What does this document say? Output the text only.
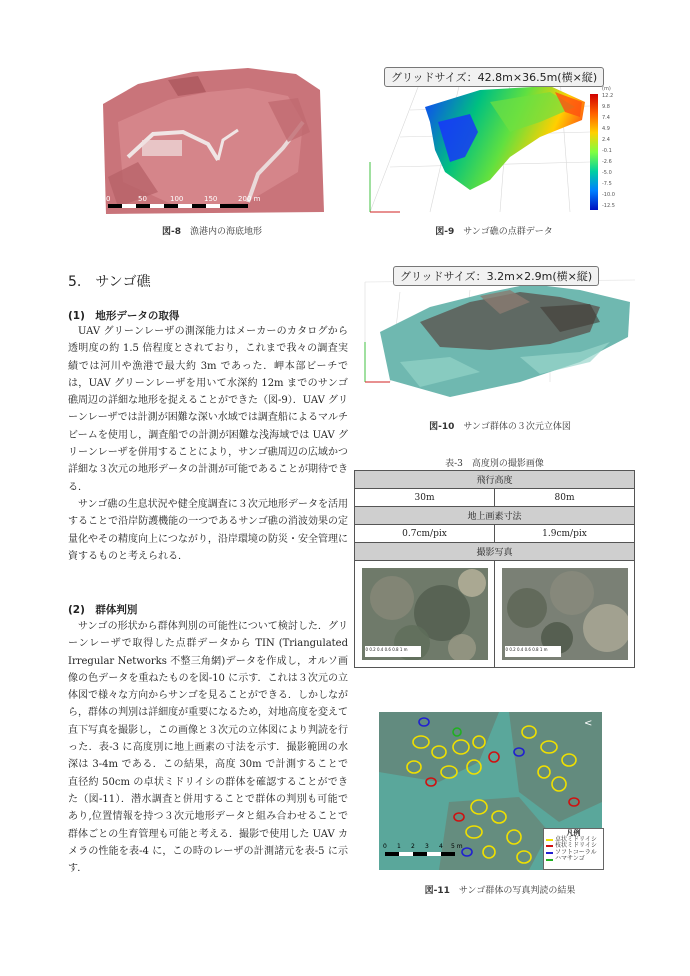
<
0	50	100	150	200 m
図-8　 漁港内の海底地形
グリッドサイズ：42.8m×36.5m(横×縦)
(m)
12.2
9.8
7.4
4.9
2.4
-0.1
-2.6
-5.0
-7.5
-10.0
-12.5
図-9　 サンゴ礁の点群データ
5.　サンゴ礁
(1)　地形データの取得

UAV グリーンレーザの測深能力はメーカーのカタログから透明度の約 1.5 倍程度とされており，これまで我々の調査実績では河川や漁港で最大約 3m であった．岬本部ビーチでは，UAV グリーンレーザを用いて水深約 12m までのサンゴ礁周辺の詳細な地形を捉えることができた（図-9）．UAV グリーンレーザでは計測が困難な深い水域では調査船によるマルチビームを使用し，調査船での計測が困難な浅海域では UAV グリーンレーザを併用することにより，サンゴ礁周辺の広域かつ詳細な３次元の地形データの計測が可能であることが期待できる．

サンゴ礁の生息状況や健全度調査に３次元地形データを活用することで沿岸防護機能の一つであるサンゴ礁の消波効果の定量化やその精度向上につながり，沿岸環境の防災・安全管理に資するものと考えられる．

(2)　群体判別

サンゴの形状から群体判別の可能性について検討した．グリーンレーザで取得した点群データから TIN (Triangulated Irregular Networks 不整三角網)データを作成し，オルソ画像の色データを重ねたものを図-10 に示す．これは３次元の立体図で様々な方向からサンゴを見ることができる．しかしながら，群体の判別は詳細度が重要になるため，対地高度を変えて直下写真を撮影し，この画像と３次元の立体図により判読を行った．表-3 に高度別に地上画素の寸法を示す．撮影範囲の水深は 3-4m である．この結果，高度 30m で計測することで直径約 50cm の卓状ミドリイシの群体を確認することができた（図-11）．潜水調査と併用することで群体の判別も可能であり,位置情報を持つ３次元地形データと組み合わせることで群体ごとの生育管理も可能と考える．撮影で使用した UAV カメラの性能を表-4 に，この時のレーザの計測諸元を表-5 に示す．

グリッドサイズ：3.2m×2.9m(横×縦)
図-10　 サンゴ群体の３次元立体図
表-3　高度別の撮影画像
飛行高度	
30m	80m
地上画素寸法	
0.7cm/pix	1.9cm/pix
撮影写真	

0 0.2 0.4 0.6 0.8 1 m	0 0.2 0.4 0.6 0.8 1 m
<
0 1 2 3 4 5 m
凡例
卓状ミドリイシ
枝状ミドリイシ
ソフトコーラル
ハマサンゴ
図-11　 サンゴ群体の写真判読の結果
